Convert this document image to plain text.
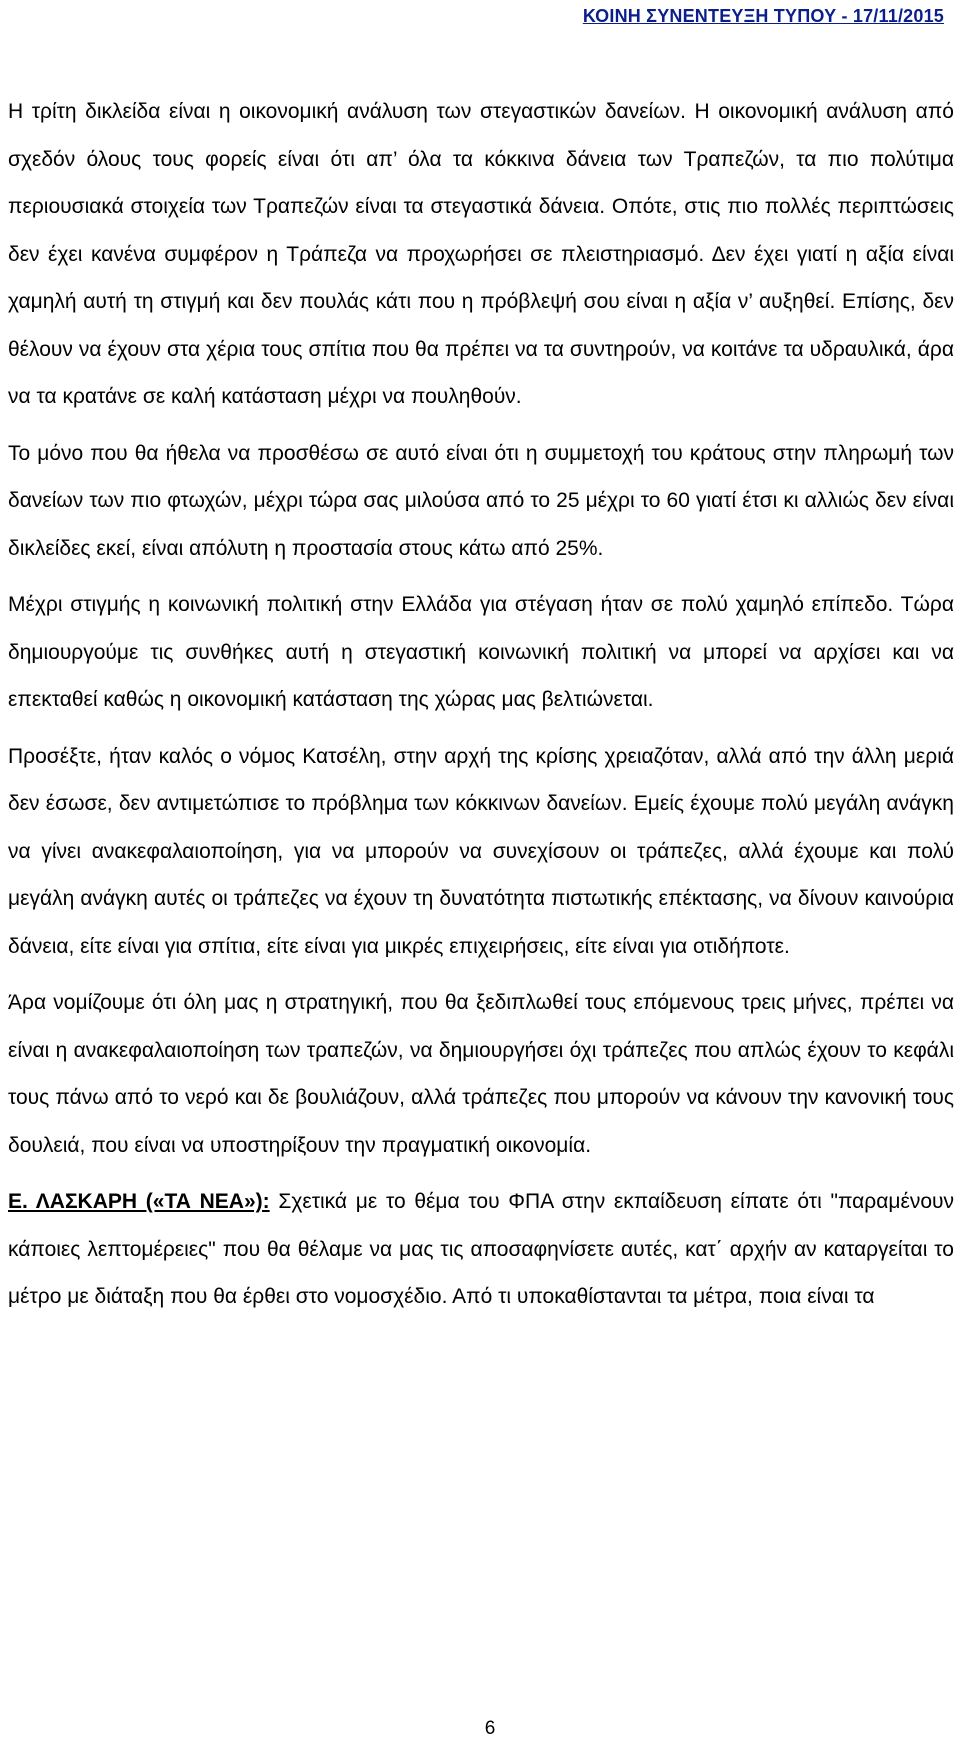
ΚΟΙΝΗ ΣΥΝΕΝΤΕΥΞΗ ΤΥΠΟΥ - 17/11/2015

Η τρίτη δικλείδα είναι η οικονομική ανάλυση των στεγαστικών δανείων. Η οικονομική ανάλυση από σχεδόν όλους τους φορείς είναι ότι απ’ όλα τα κόκκινα δάνεια των Τραπεζών, τα πιο πολύτιμα περιουσιακά στοιχεία των Τραπεζών είναι τα στεγαστικά δάνεια. Οπότε, στις πιο πολλές περιπτώσεις δεν έχει κανένα συμφέρον η Τράπεζα να προχωρήσει σε πλειστηριασμό. Δεν έχει γιατί η αξία είναι χαμηλή αυτή τη στιγμή και δεν πουλάς κάτι που η πρόβλεψή σου είναι η αξία ν’ αυξηθεί. Επίσης, δεν θέλουν να έχουν στα χέρια τους σπίτια που θα πρέπει να τα συντηρούν, να κοιτάνε τα υδραυλικά, άρα να τα κρατάνε σε καλή κατάσταση μέχρι να πουληθούν.

Το μόνο που θα ήθελα να προσθέσω σε αυτό είναι ότι η συμμετοχή του κράτους στην πληρωμή των δανείων των πιο φτωχών, μέχρι τώρα σας μιλούσα από το 25 μέχρι το 60 γιατί έτσι κι αλλιώς δεν είναι δικλείδες εκεί, είναι απόλυτη η προστασία στους κάτω από 25%.

Μέχρι στιγμής η κοινωνική πολιτική στην Ελλάδα για στέγαση ήταν σε πολύ χαμηλό επίπεδο. Τώρα δημιουργούμε τις συνθήκες αυτή η στεγαστική κοινωνική πολιτική να μπορεί να αρχίσει και να επεκταθεί καθώς η οικονομική κατάσταση της χώρας μας βελτιώνεται.

Προσέξτε, ήταν καλός ο νόμος Κατσέλη, στην αρχή της κρίσης χρειαζόταν, αλλά από την άλλη μεριά δεν έσωσε, δεν αντιμετώπισε το πρόβλημα των κόκκινων δανείων. Εμείς έχουμε πολύ μεγάλη ανάγκη να γίνει ανακεφαλαιοποίηση, για να μπορούν να συνεχίσουν οι τράπεζες, αλλά έχουμε και πολύ μεγάλη ανάγκη αυτές οι τράπεζες να έχουν τη δυνατότητα πιστωτικής επέκτασης, να δίνουν καινούρια δάνεια, είτε είναι για σπίτια, είτε είναι για μικρές επιχειρήσεις, είτε είναι για οτιδήποτε.

Άρα νομίζουμε ότι όλη μας η στρατηγική, που θα ξεδιπλωθεί τους επόμενους τρεις μήνες, πρέπει να είναι η ανακεφαλαιοποίηση των τραπεζών, να δημιουργήσει όχι τράπεζες που απλώς έχουν το κεφάλι τους πάνω από το νερό και δε βουλιάζουν, αλλά τράπεζες που μπορούν να κάνουν την κανονική τους δουλειά, που είναι να υποστηρίξουν την πραγματική οικονομία.

Ε. ΛΑΣΚΑΡΗ («ΤΑ ΝΕΑ»): Σχετικά με το θέμα του ΦΠΑ στην εκπαίδευση είπατε ότι "παραμένουν κάποιες λεπτομέρειες" που θα θέλαμε να μας τις αποσαφηνίσετε αυτές, κατ΄ αρχήν αν καταργείται το μέτρο με διάταξη που θα έρθει στο νομοσχέδιο. Από τι υποκαθίστανται τα μέτρα, ποια είναι τα

6
